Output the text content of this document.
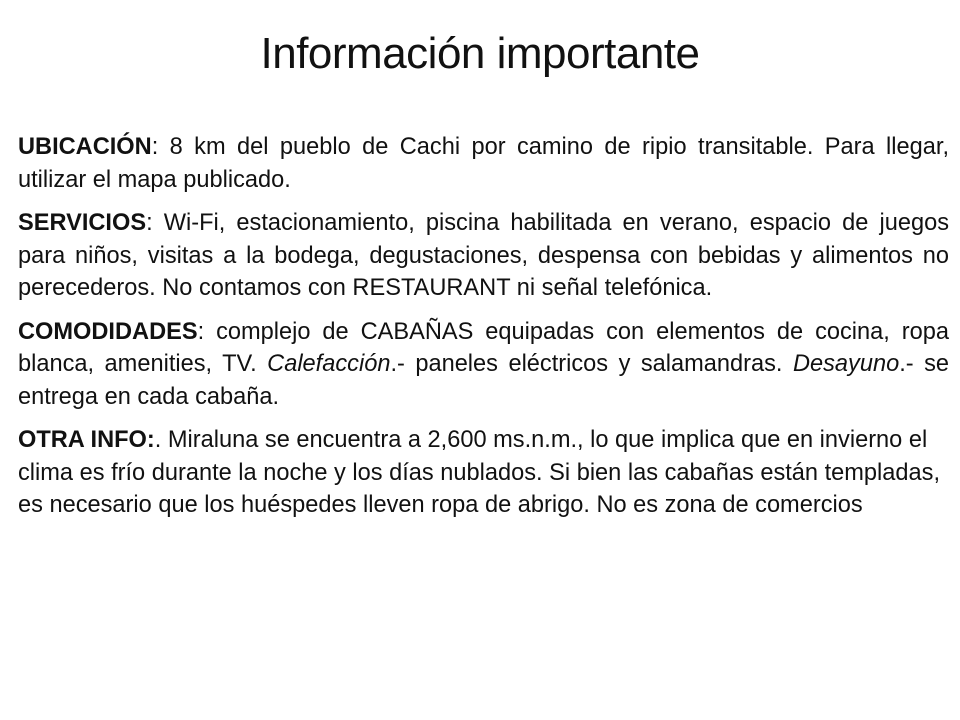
Información importante

UBICACIÓN: 8 km del pueblo de Cachi por camino de ripio transitable. Para llegar, utilizar el mapa publicado.

SERVICIOS: Wi-Fi, estacionamiento, piscina habilitada en verano, espacio de juegos para niños, visitas a la bodega, degustaciones, despensa con bebidas y alimentos no perecederos. No contamos con RESTAURANT ni señal telefónica.

COMODIDADES: complejo de CABAÑAS equipadas con elementos de cocina, ropa blanca, amenities, TV. Calefacción.- paneles eléctricos y salamandras. Desayuno.- se entrega en cada cabaña.

OTRA INFO:. Miraluna se encuentra a 2,600 ms.n.m., lo que implica que en invierno el clima es frío durante la noche y los días nublados. Si bien las cabañas están templadas, es necesario que los huéspedes lleven ropa de abrigo. No es zona de comercios
